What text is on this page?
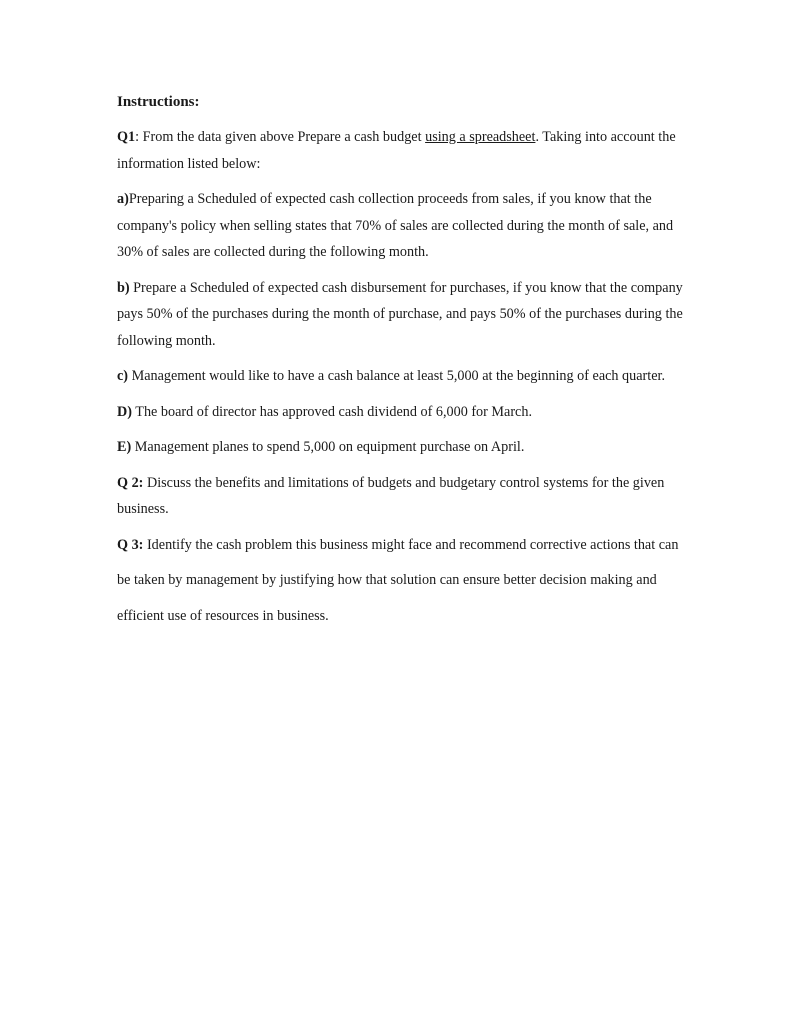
Instructions:

Q1: From the data given above Prepare a cash budget using a spreadsheet. Taking into account the information listed below:

a)Preparing a Scheduled of expected cash collection proceeds from sales, if you know that the company's policy when selling states that 70% of sales are collected during the month of sale, and 30% of sales are collected during the following month.

b) Prepare a Scheduled of expected cash disbursement for purchases, if you know that the company pays 50% of the purchases during the month of purchase, and pays 50% of the purchases during the following month.

c) Management would like to have a cash balance at least 5,000 at the beginning of each quarter.

D) The board of director has approved cash dividend of 6,000 for March.

E) Management planes to spend 5,000 on equipment purchase on April.

Q 2: Discuss the benefits and limitations of budgets and budgetary control systems for the given business.

Q 3: Identify the cash problem this business might face and recommend corrective actions that can be taken by management by justifying how that solution can ensure better decision making and efficient use of resources in business.
